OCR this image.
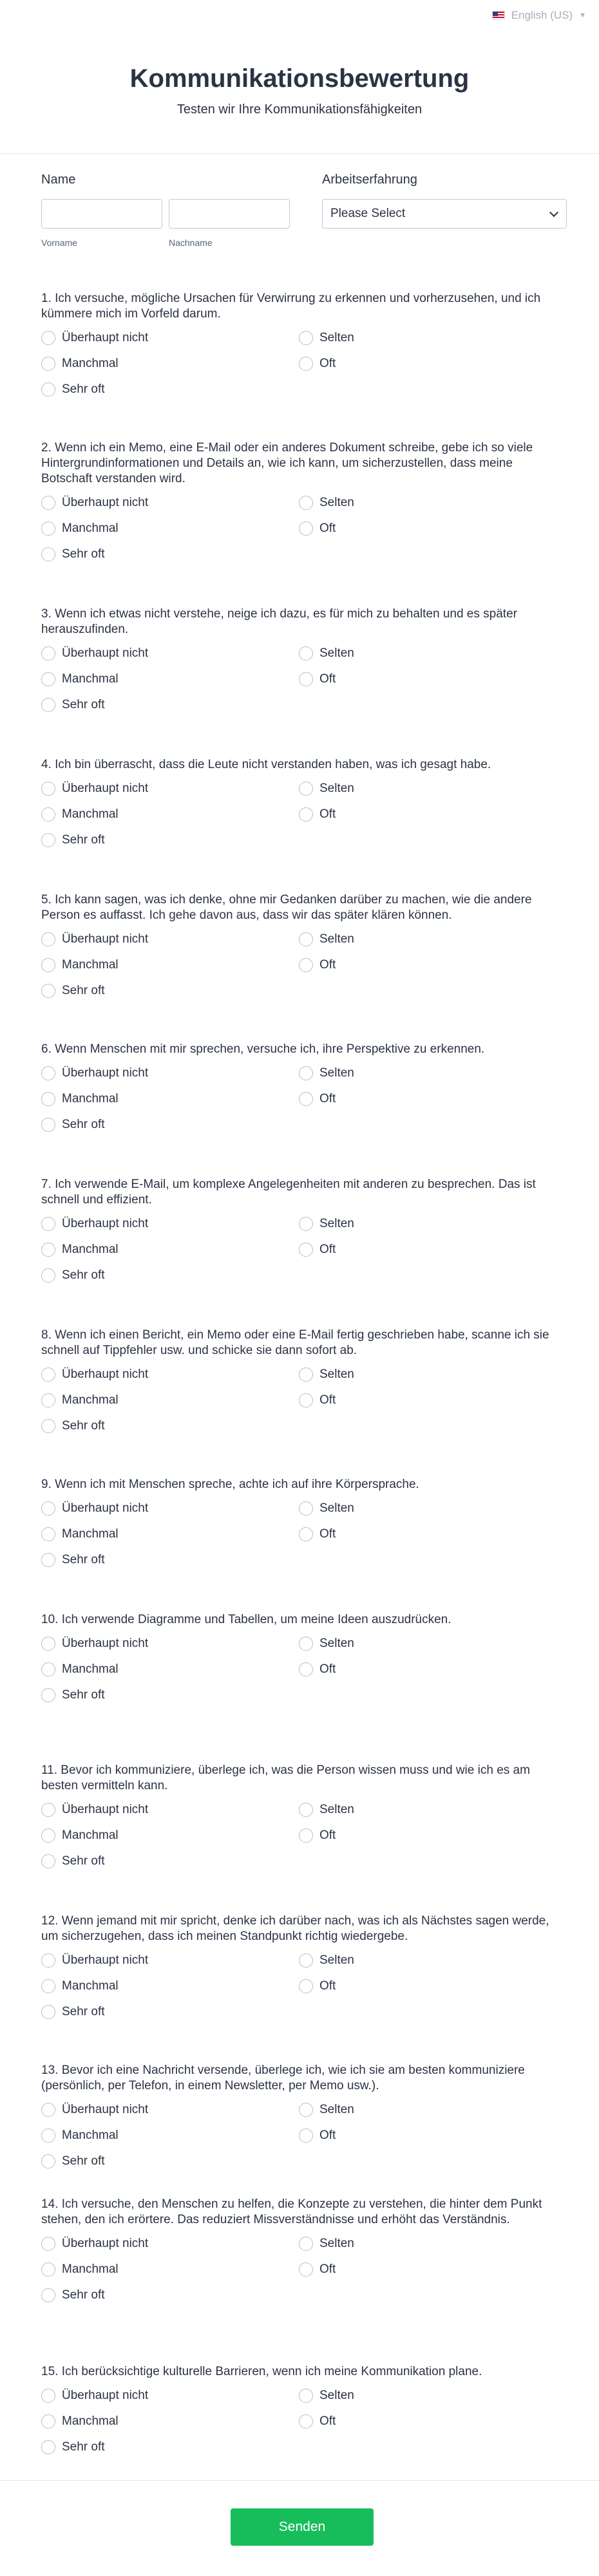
English (US) ▼
Kommunikationsbewertung
Testen wir Ihre Kommunikationsfähigkeiten
Name
Vorname	Nachname
Arbeitserfahrung
Please Select

1. Ich versuche, mögliche Ursachen für Verwirrung zu erkennen und vorherzusehen, und ich kümmere mich im Vorfeld darum.

Überhaupt nicht	Selten
Manchmal	Oft
Sehr oft

2. Wenn ich ein Memo, eine E-Mail oder ein anderes Dokument schreibe, gebe ich so viele Hintergrundinformationen und Details an, wie ich kann, um sicherzustellen, dass meine Botschaft verstanden wird.

Überhaupt nicht	Selten
Manchmal	Oft
Sehr oft

3. Wenn ich etwas nicht verstehe, neige ich dazu, es für mich zu behalten und es später herauszufinden.

Überhaupt nicht	Selten
Manchmal	Oft
Sehr oft

4. Ich bin überrascht, dass die Leute nicht verstanden haben, was ich gesagt habe.

Überhaupt nicht	Selten
Manchmal	Oft
Sehr oft

5. Ich kann sagen, was ich denke, ohne mir Gedanken darüber zu machen, wie die andere Person es auffasst. Ich gehe davon aus, dass wir das später klären können.

Überhaupt nicht	Selten
Manchmal	Oft
Sehr oft

6. Wenn Menschen mit mir sprechen, versuche ich, ihre Perspektive zu erkennen.

Überhaupt nicht	Selten
Manchmal	Oft
Sehr oft

7. Ich verwende E-Mail, um komplexe Angelegenheiten mit anderen zu besprechen. Das ist schnell und effizient.

Überhaupt nicht	Selten
Manchmal	Oft
Sehr oft

8. Wenn ich einen Bericht, ein Memo oder eine E-Mail fertig geschrieben habe, scanne ich sie schnell auf Tippfehler usw. und schicke sie dann sofort ab.

Überhaupt nicht	Selten
Manchmal	Oft
Sehr oft

9. Wenn ich mit Menschen spreche, achte ich auf ihre Körpersprache.

Überhaupt nicht	Selten
Manchmal	Oft
Sehr oft

10. Ich verwende Diagramme und Tabellen, um meine Ideen auszudrücken.

Überhaupt nicht	Selten
Manchmal	Oft
Sehr oft

11. Bevor ich kommuniziere, überlege ich, was die Person wissen muss und wie ich es am besten vermitteln kann.

Überhaupt nicht	Selten
Manchmal	Oft
Sehr oft

12. Wenn jemand mit mir spricht, denke ich darüber nach, was ich als Nächstes sagen werde, um sicherzugehen, dass ich meinen Standpunkt richtig wiedergebe.

Überhaupt nicht	Selten
Manchmal	Oft
Sehr oft

13. Bevor ich eine Nachricht versende, überlege ich, wie ich sie am besten kommuniziere (persönlich, per Telefon, in einem Newsletter, per Memo usw.).

Überhaupt nicht	Selten
Manchmal	Oft
Sehr oft

14. Ich versuche, den Menschen zu helfen, die Konzepte zu verstehen, die hinter dem Punkt stehen, den ich erörtere. Das reduziert Missverständnisse und erhöht das Verständnis.

Überhaupt nicht	Selten
Manchmal	Oft
Sehr oft

15. Ich berücksichtige kulturelle Barrieren, wenn ich meine Kommunikation plane.

Überhaupt nicht	Selten
Manchmal	Oft
Sehr oft
Senden
